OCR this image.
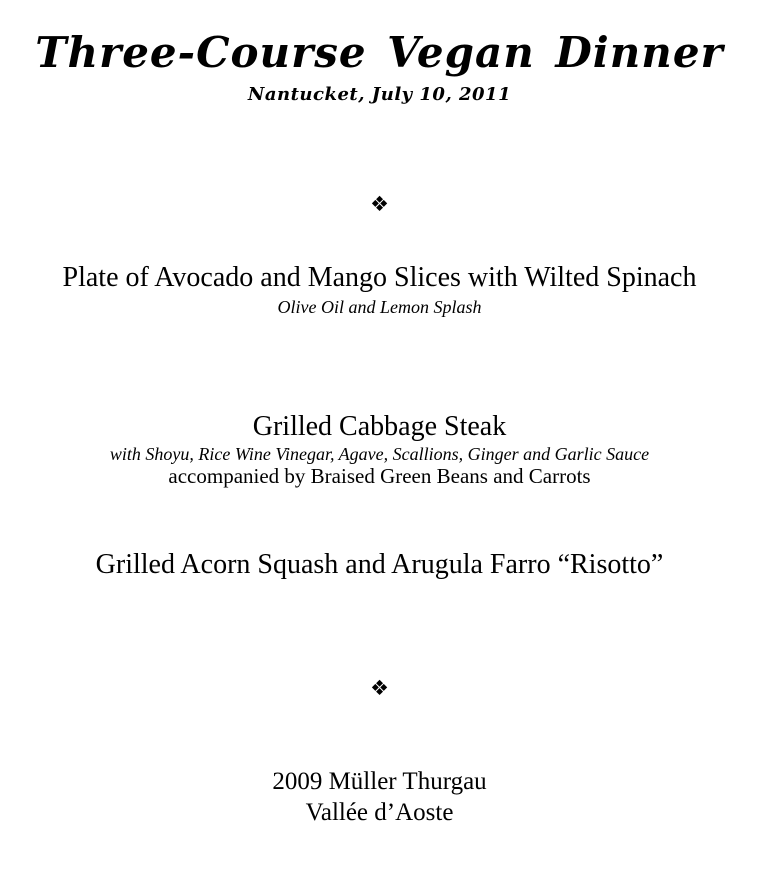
Three-Course Vegan Dinner
Nantucket, July 10, 2011
❖
Plate of Avocado and Mango Slices with Wilted Spinach
Olive Oil and Lemon Splash
Grilled Cabbage Steak
with Shoyu, Rice Wine Vinegar, Agave, Scallions, Ginger and Garlic Sauce
accompanied by Braised Green Beans and Carrots
Grilled Acorn Squash and Arugula Farro “Risotto”
❖
2009 Müller Thurgau
Vallée d’Aoste
